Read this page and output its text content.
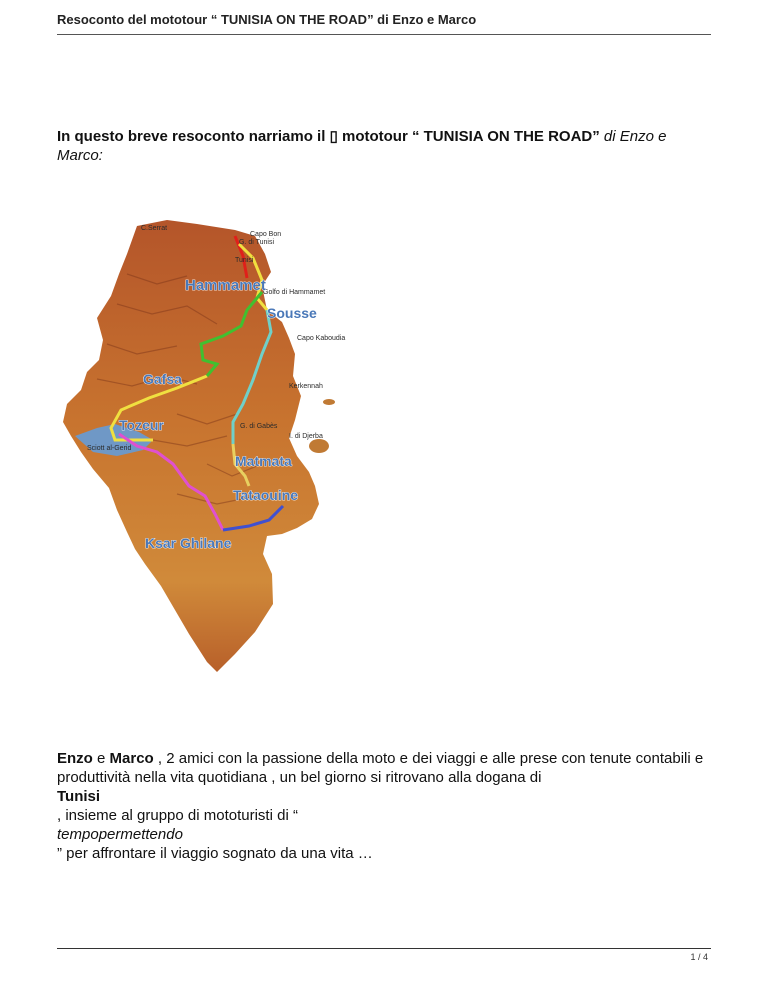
Resoconto del mototour “ TUNISIA ON THE ROAD” di Enzo e Marco
In questo breve resoconto narriamo il ▯ mototour “ TUNISIA ON THE ROAD” di Enzo e Marco:
C.Serrat
G. di Tunisi
Capo Bon
Tunisi
Golfo di Hammamet
Capo Kaboudia
Kerkennah
G. di Gabès
I. di Djerba
Sciott al-Gerid
Hammamet
Sousse
Gafsa
Tozeur
Matmata
Tataouine
Ksar Ghilane
Enzo e Marco , 2 amici con la passione della moto e dei viaggi e alle prese con tenute contabili e produttività nella vita quotidiana , un bel giorno si ritrovano alla dogana di
Tunisi
, insieme al gruppo di mototuristi di “
tempopermettendo
” per affrontare il viaggio sognato da una vita …
1 / 4
